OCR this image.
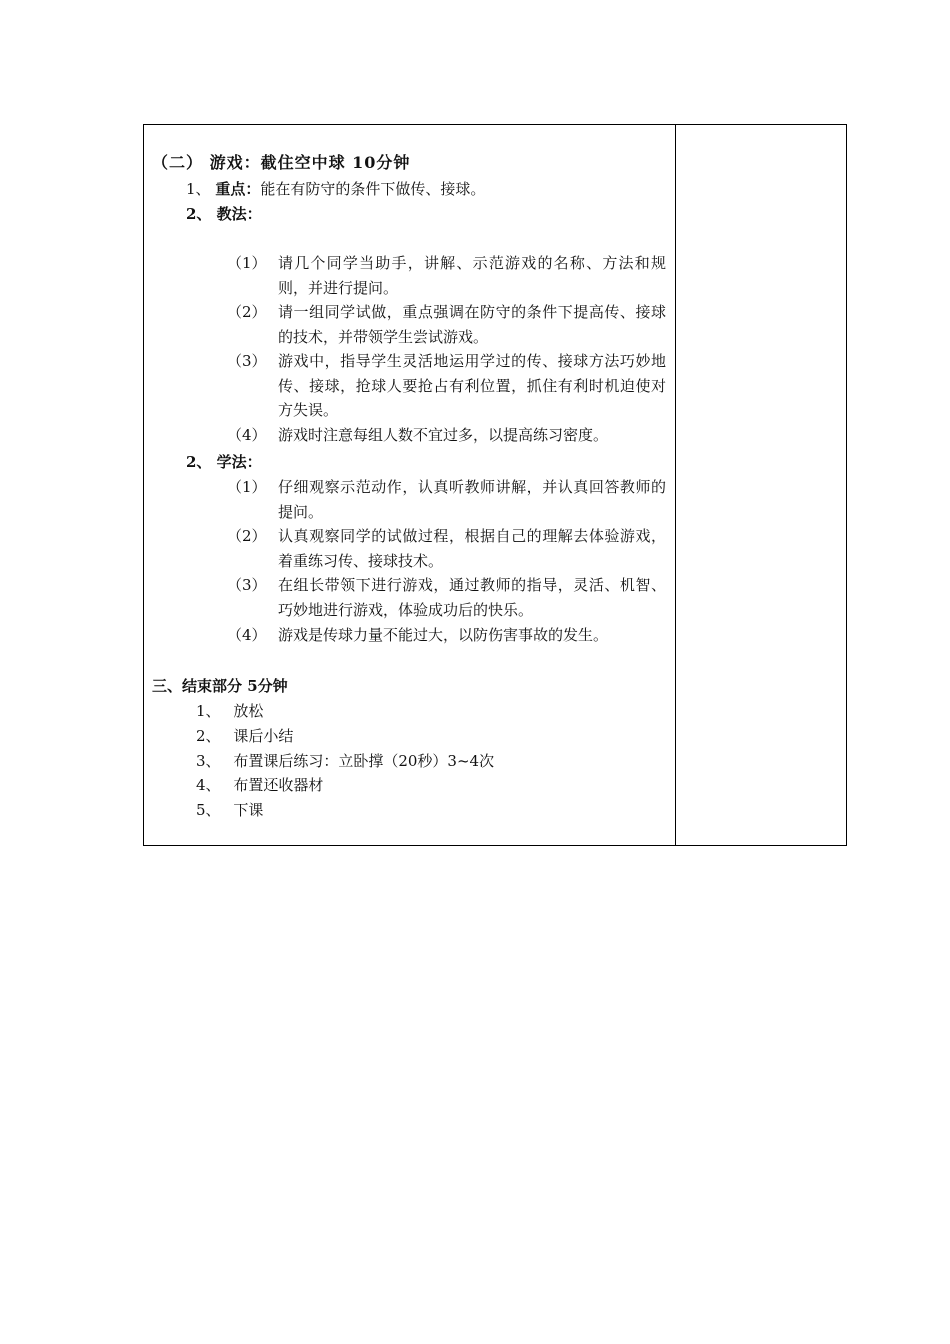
（二） 游戏：截住空中球 10分钟
1、 重点：能在有防守的条件下做传、接球。
2、 教法：
（1） 请几个同学当助手，讲解、示范游戏的名称、方法和规则，并进行提问。
（2） 请一组同学试做，重点强调在防守的条件下提高传、接球的技术，并带领学生尝试游戏。
（3） 游戏中，指导学生灵活地运用学过的传、接球方法巧妙地传、接球，抢球人要抢占有利位置，抓住有利时机迫使对方失误。
（4） 游戏时注意每组人数不宜过多，以提高练习密度。
2、 学法：
（1） 仔细观察示范动作，认真听教师讲解，并认真回答教师的提问。
（2） 认真观察同学的试做过程，根据自己的理解去体验游戏，着重练习传、接球技术。
（3） 在组长带领下进行游戏，通过教师的指导，灵活、机智、巧妙地进行游戏，体验成功后的快乐。
（4） 游戏是传球力量不能过大，以防伤害事故的发生。
三、结束部分 5分钟
1、 放松
2、 课后小结
3、 布置课后练习：立卧撑（20秒）3~4次
4、 布置还收器材
5、 下课
